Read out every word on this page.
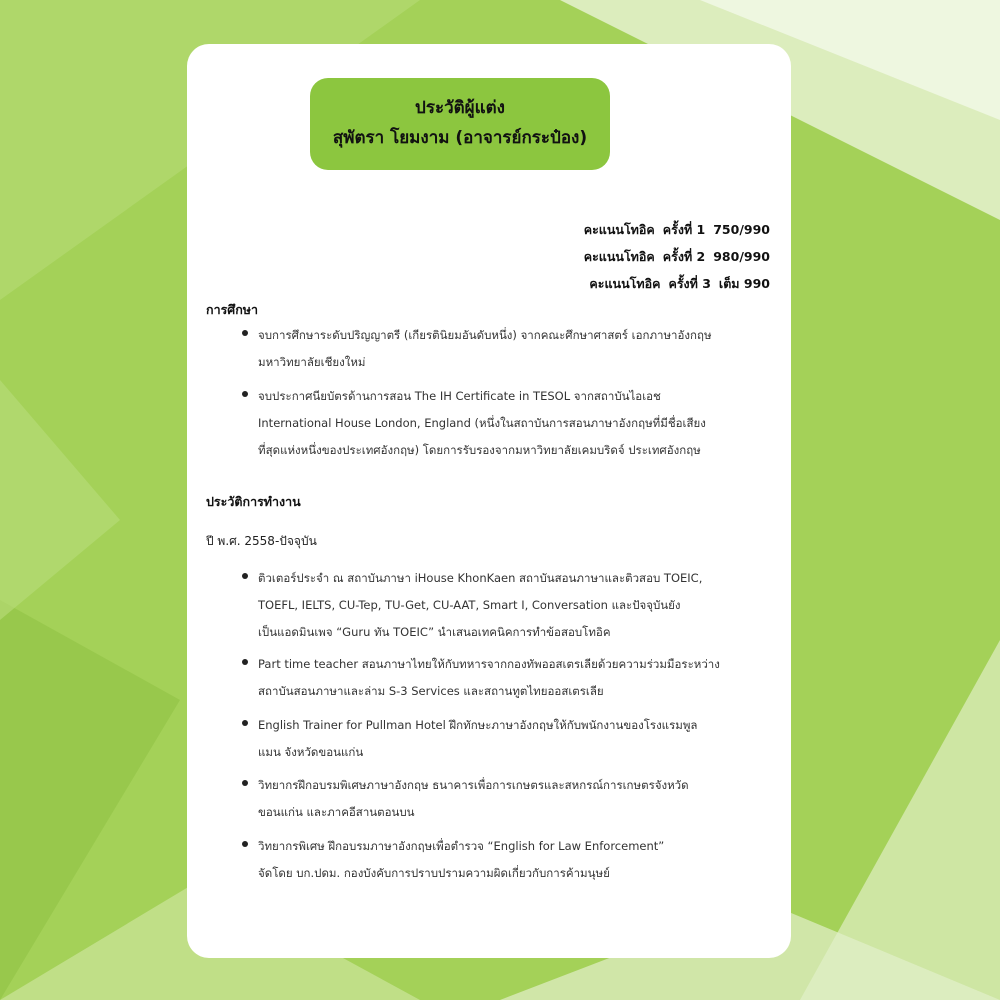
ประวัติผู้แต่ง
สุพัตรา โยมงาม (อาจารย์กระป๋อง)
คะแนนโทอิค ครั้งที่ 1 750/990
คะแนนโทอิค ครั้งที่ 2 980/990
คะแนนโทอิค ครั้งที่ 3 เต็ม 990
การศึกษา
จบการศึกษาระดับปริญญาตรี (เกียรตินิยมอันดับหนึ่ง) จากคณะศึกษาศาสตร์ เอกภาษาอังกฤษ
มหาวิทยาลัยเชียงใหม่
จบประกาศนียบัตรด้านการสอน The IH Certificate in TESOL จากสถาบันไอเอช
International House London, England (หนึ่งในสถาบันการสอนภาษาอังกฤษที่มีชื่อเสียง
ที่สุดแห่งหนึ่งของประเทศอังกฤษ) โดยการรับรองจากมหาวิทยาลัยเคมบริดจ์ ประเทศอังกฤษ
ประวัติการทำงาน
ปี พ.ศ. 2558-ปัจจุบัน
ติวเตอร์ประจำ ณ สถาบันภาษา iHouse KhonKaen สถาบันสอนภาษาและติวสอบ TOEIC,
TOEFL, IELTS, CU-Tep, TU-Get, CU-AAT, Smart I, Conversation และปัจจุบันยัง
เป็นแอดมินเพจ “Guru ทัน TOEIC” นำเสนอเทคนิคการทำข้อสอบโทอิค
Part time teacher สอนภาษาไทยให้กับทหารจากกองทัพออสเตรเลียด้วยความร่วมมือระหว่าง
สถาบันสอนภาษาและล่าม S-3 Services และสถานทูตไทยออสเตรเลีย
English Trainer for Pullman Hotel ฝึกทักษะภาษาอังกฤษให้กับพนักงานของโรงแรมพูล
แมน จังหวัดขอนแก่น
วิทยากรฝึกอบรมพิเศษภาษาอังกฤษ ธนาคารเพื่อการเกษตรและสหกรณ์การเกษตรจังหวัด
ขอนแก่น และภาคอีสานตอนบน
วิทยากรพิเศษ ฝึกอบรมภาษาอังกฤษเพื่อตำรวจ “English for Law Enforcement”
จัดโดย บก.ปดม. กองบังคับการปราบปรามความผิดเกี่ยวกับการค้ามนุษย์
